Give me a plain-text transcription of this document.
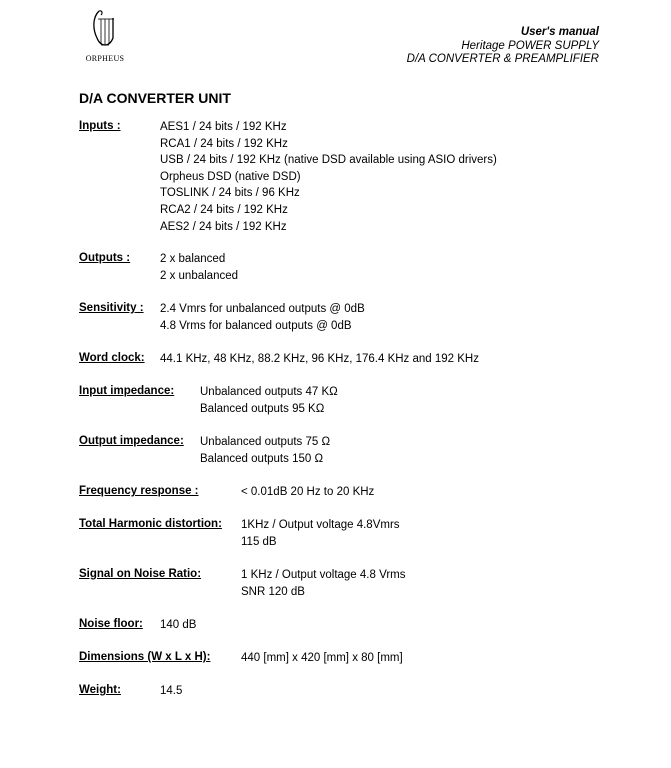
ORPHEUS
User's manual
Heritage POWER SUPPLY
D/A CONVERTER & PREAMPLIFIER
D/A CONVERTER UNIT
Inputs :	AES1 / 24 bits / 192 KHz
RCA1 / 24 bits / 192 KHz
USB / 24 bits / 192 KHz (native DSD available using ASIO drivers)
Orpheus DSD (native DSD)
TOSLINK / 24 bits / 96 KHz
RCA2 / 24 bits / 192 KHz
AES2 / 24 bits / 192 KHz
Outputs :	2 x balanced
2 x unbalanced
Sensitivity : 2.4 Vmrs for unbalanced outputs @ 0dB
4.8 Vrms for balanced outputs @ 0dB
Word clock: 44.1 KHz, 48 KHz, 88.2 KHz, 96 KHz, 176.4 KHz and 192 KHz
Input impedance: Unbalanced outputs 47 KΩ
Balanced outputs 95 KΩ
Output impedance: Unbalanced outputs 75 Ω
Balanced outputs 150 Ω
Frequency response :	< 0.01dB 20 Hz to 20 KHz
Total Harmonic distortion: 1KHz / Output voltage 4.8Vmrs
115 dB
Signal on Noise Ratio:	1 KHz / Output voltage 4.8 Vrms
SNR 120 dB
Noise floor: 140 dB
Dimensions (W x L x H):	440 [mm] x 420 [mm] x 80 [mm]
Weight:	14.5
